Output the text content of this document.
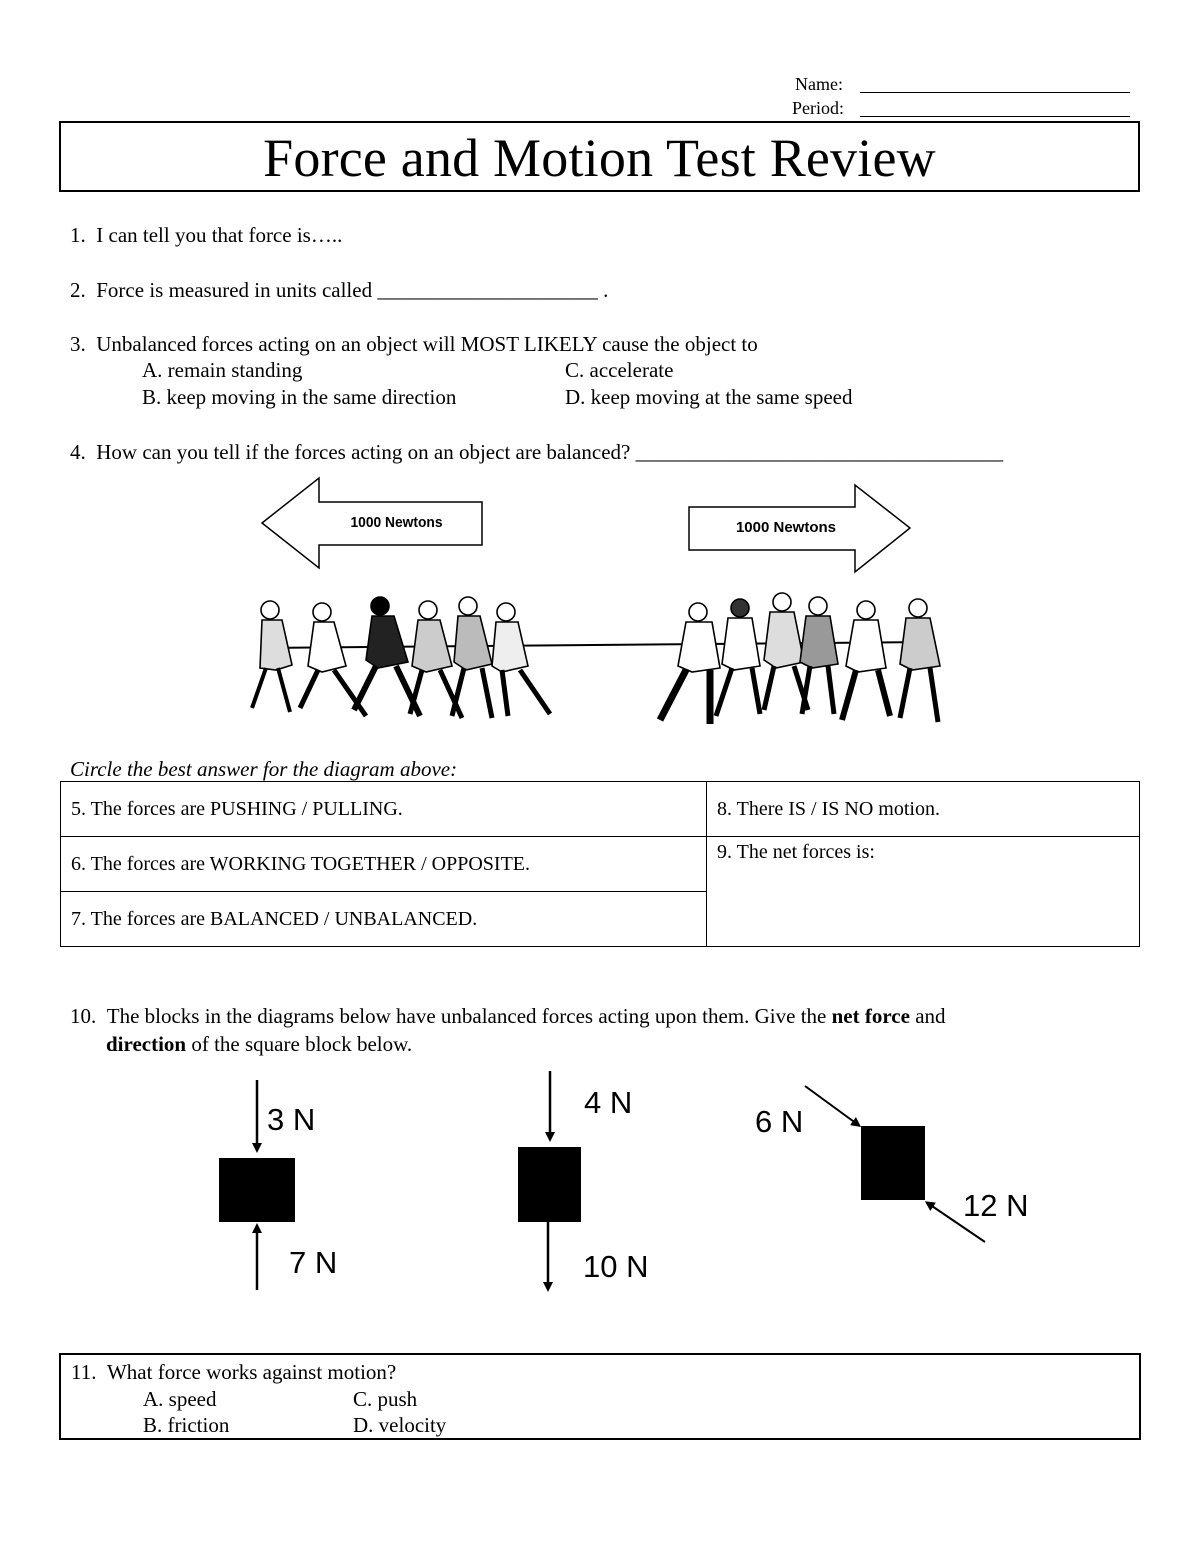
Name:
Period:
Force and Motion Test Review
1. I can tell you that force is…..
2. Force is measured in units called _____________________ .
3. Unbalanced forces acting on an object will MOST LIKELY cause the object to
A. remain standing	C. accelerate
B. keep moving in the same direction	D. keep moving at the same speed
4. How can you tell if the forces acting on an object are balanced? ___________________________________
1000 Newtons	1000 Newtons
Circle the best answer for the diagram above:
5. The forces are PUSHING / PULLING.	8. There IS / IS NO motion.
6. The forces are WORKING TOGETHER / OPPOSITE.	9. The net forces is:
7. The forces are BALANCED / UNBALANCED.	
10. The blocks in the diagrams below have unbalanced forces acting upon them. Give the net force and
direction of the square block below.
3 N
7 N
4 N
10 N
6 N
12 N
11. What force works against motion?
A. speed	C. push
B. friction	D. velocity
